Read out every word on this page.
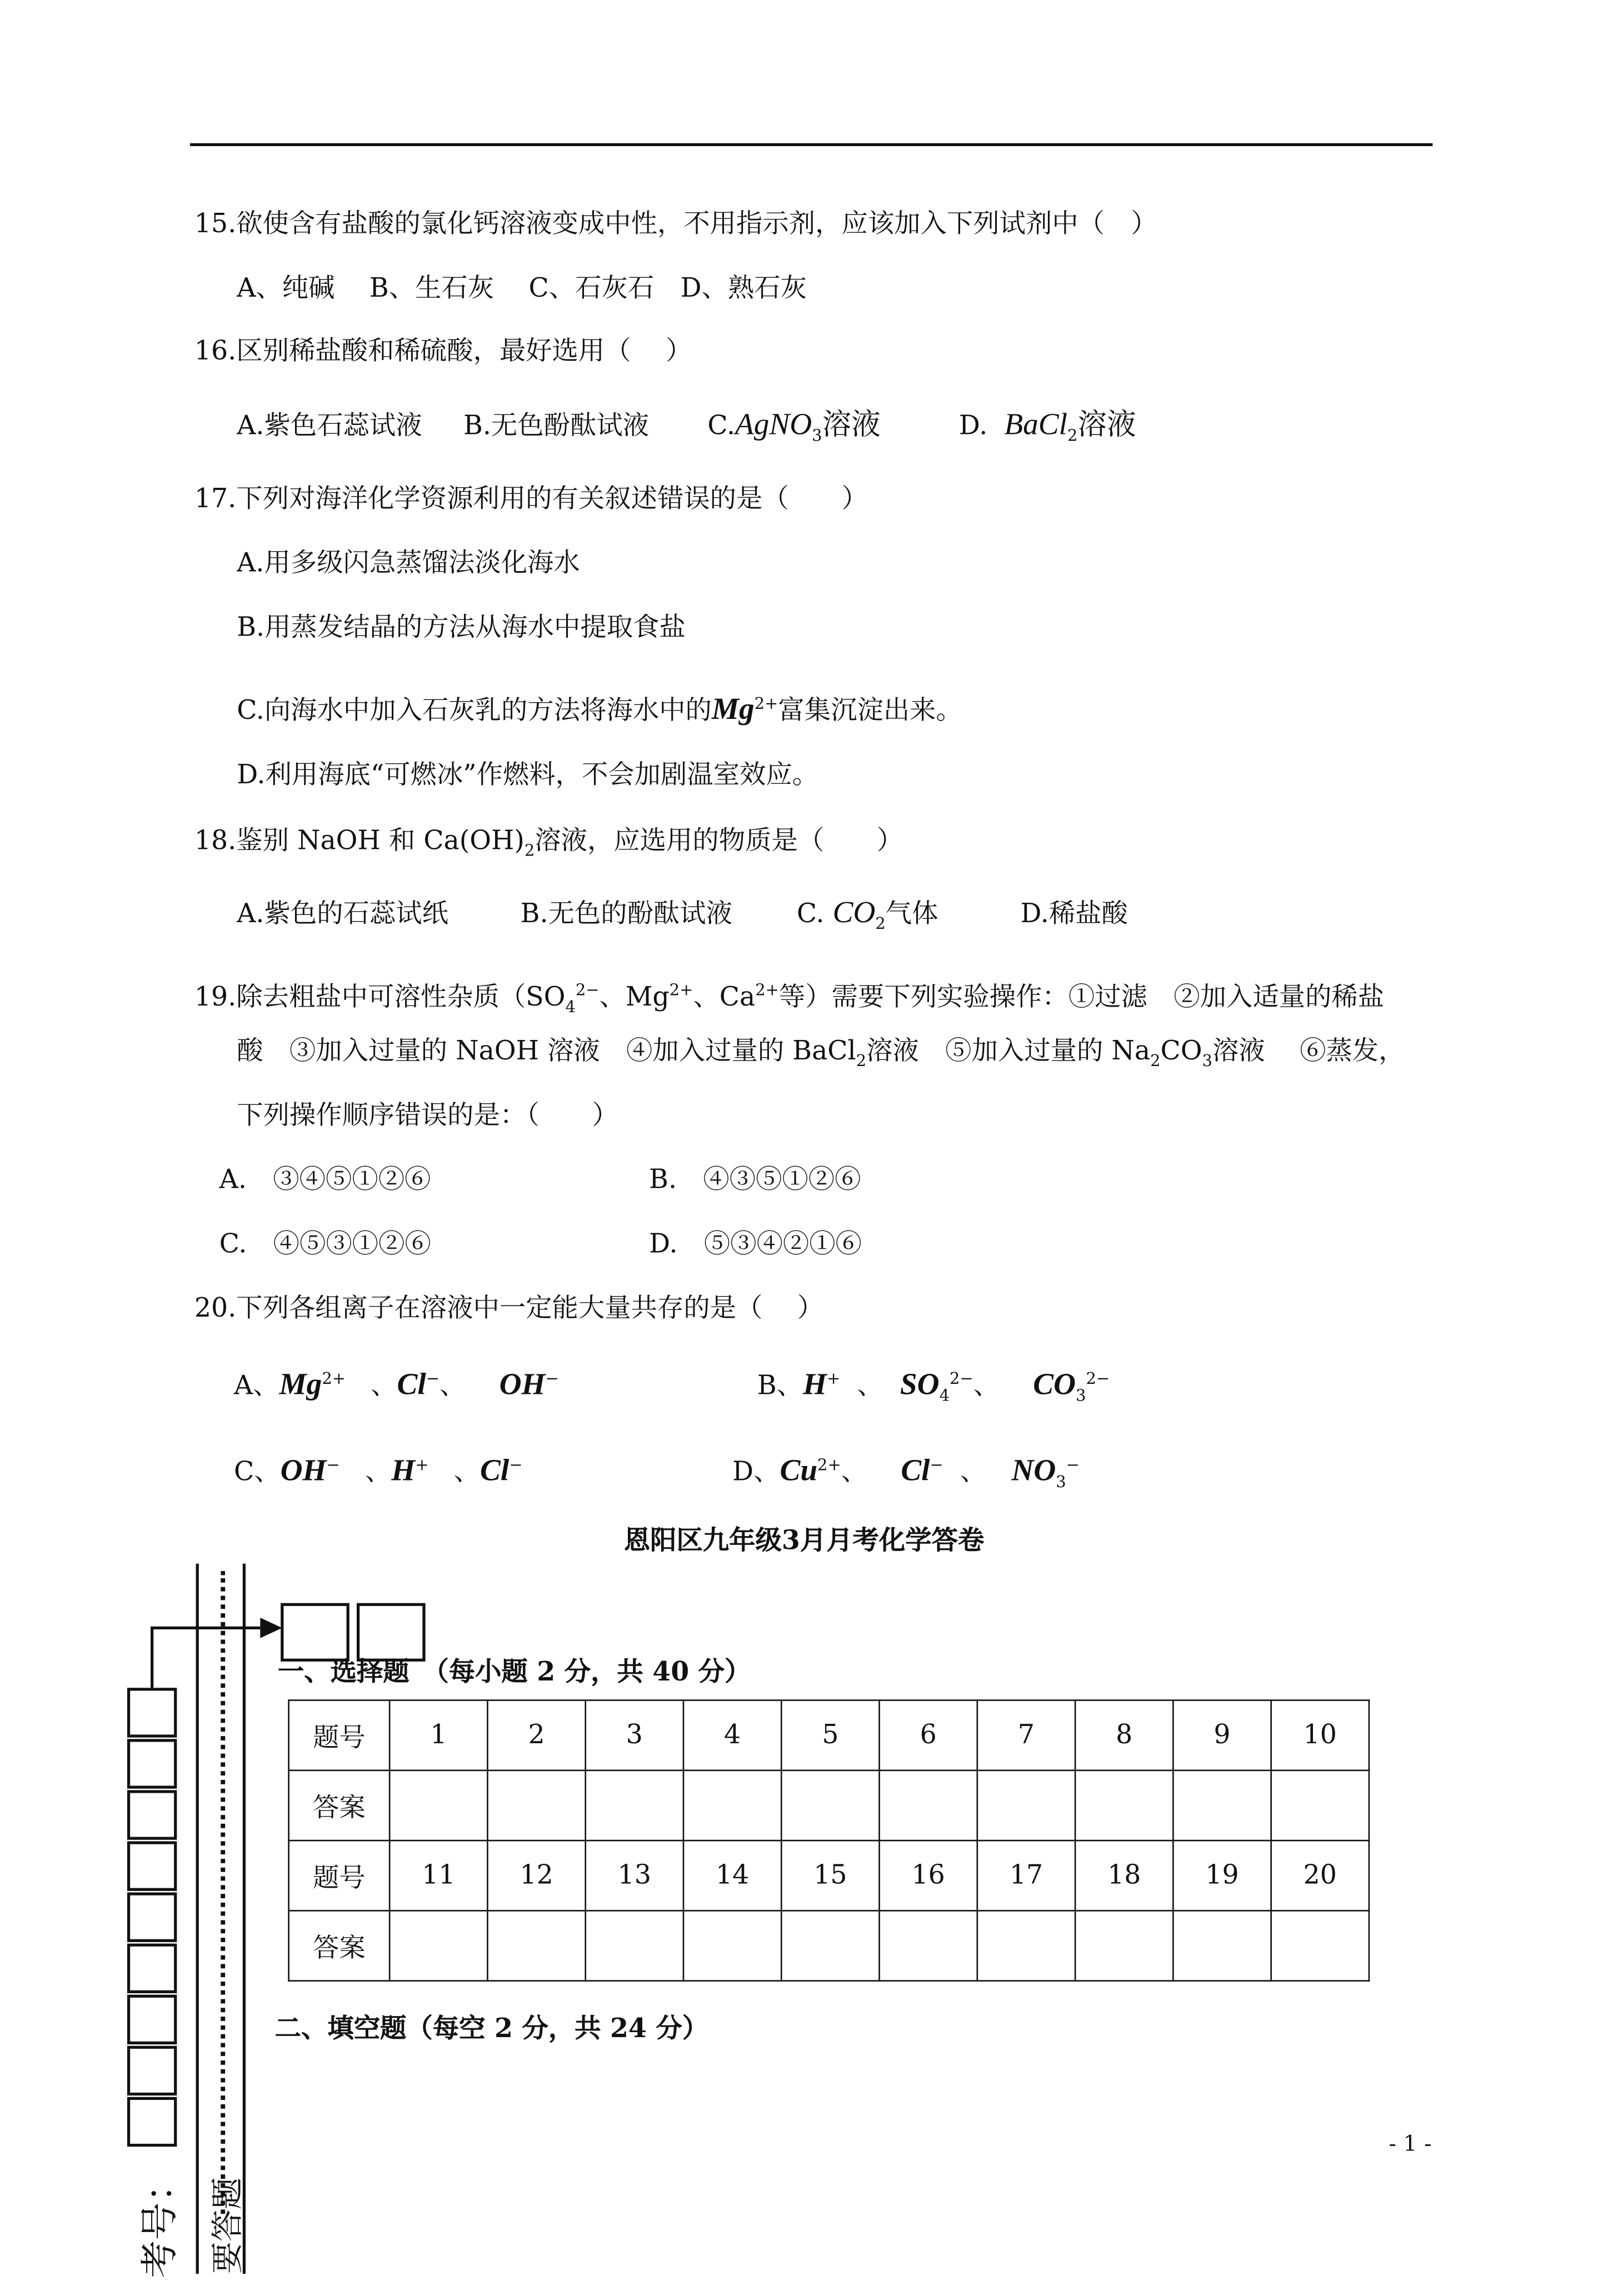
15.欲使含有盐酸的氯化钙溶液变成中性，不用指示剂，应该加入下列试剂中（　）
A、纯碱　 B、生石灰　 C、石灰石　D、熟石灰
16.区别稀盐酸和稀硫酸，最好选用（　 ）
A.紫色石蕊试液	B.无色酚酞试液	C.AgNO$_3$溶液	D. BaCl$_2$溶液
17.下列对海洋化学资源利用的有关叙述错误的是（　　）
A.用多级闪急蒸馏法淡化海水
B.用蒸发结晶的方法从海水中提取食盐
C.向海水中加入石灰乳的方法将海水中的$Mg^{2+}$富集沉淀出来。
D.利用海底“可燃冰”作燃料，不会加剧温室效应。
18.鉴别 NaOH 和 $Ca(OH)_2$溶液，应选用的物质是（　　）
A.紫色的石蕊试纸	B.无色的酚酞试液	C. $CO_2$气体	D.稀盐酸
19.除去粗盐中可溶性杂质（$SO_4^{2-}$、$Mg^{2+}$、$Ca^{2+}$等）需要下列实验操作：①过滤　②加入适量的稀盐
酸　③加入过量的 NaOH 溶液　④加入过量的 BaCl$_2$溶液　⑤加入过量的 $Na_2CO_3$溶液　 ⑥蒸发，
下列操作顺序错误的是：（　　）
A.　③④⑤①②⑥	B.　④③⑤①②⑥
C.　④⑤③①②⑥	D.　⑤③④②①⑥
20.下列各组离子在溶液中一定能大量共存的是（　 ）
A、$Mg^{2+}$	、Cl−、	OH−	B、H+ 、 $SO_4^{2-}$、	$CO_3^{2-}$
C、OH−	、H+	、Cl−	D、$Cu^{2+}$、	Cl− 、 $NO_3^-$
恩阳区九年级3月月考化学答卷
一、选择题　（每小题 2 分，共 40 分）
题号	1	2	3	4	5	6	7	8	9	10
答案										
题号	11	12	13	14	15	16	17	18	19	20
答案										
二、填空题（每空 2 分，共 24 分）
考号：	要答题
- 1 -
